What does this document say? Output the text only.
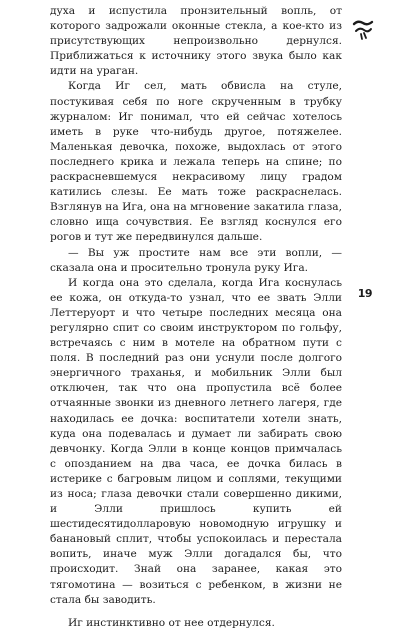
духа и испустила пронзительный вопль, от которого задрожали оконные стекла, а кое-кто из присутствующих непроизвольно дернулся. Приближаться к источнику этого звука было как идти на ураган.

Когда Иг сел, мать обвисла на стуле, постукивая себя по ноге скрученным в трубку журналом: Иг понимал, что ей сейчас хотелось иметь в руке что-нибудь другое, потяжелее. Маленькая девочка, похоже, выдохлась от этого последнего крика и лежала теперь на спине; по раскрасневшемуся некрасивому лицу градом катились слезы. Ее мать тоже раскраснелась. Взглянув на Ига, она на мгновение закатила глаза, словно ища сочувствия. Ее взгляд коснулся его рогов и тут же передвинулся дальше.

— Вы уж простите нам все эти вопли, — сказала она и просительно тронула руку Ига.

И когда она это сделала, когда Ига коснулась ее кожа, он откуда-то узнал, что ее звать Элли Леттеруорт и что четыре последних месяца она регулярно спит со своим инструктором по гольфу, встречаясь с ним в мотеле на обратном пути с поля. В последний раз они уснули после долгого энергичного траханья, и мобильник Элли был отключен, так что она пропустила всё более отчаянные звонки из дневного летнего лагеря, где находилась ее дочка: воспитатели хотели знать, куда она подевалась и думает ли забирать свою девчонку. Когда Элли в конце концов примчалась с опозданием на два часа, ее дочка билась в истерике с багровым лицом и соплями, текущими из носа; глаза девочки стали совершенно дикими, и Элли пришлось купить ей шестидесятидолларовую новомодную игрушку и банановый сплит, чтобы успокоилась и перестала вопить, иначе муж Элли догадался бы, что происходит. Знай она заранее, какая это тягомотина — возиться с ребенком, в жизни не стала бы заводить.

Иг инстинктивно от нее отдернулся.

19
